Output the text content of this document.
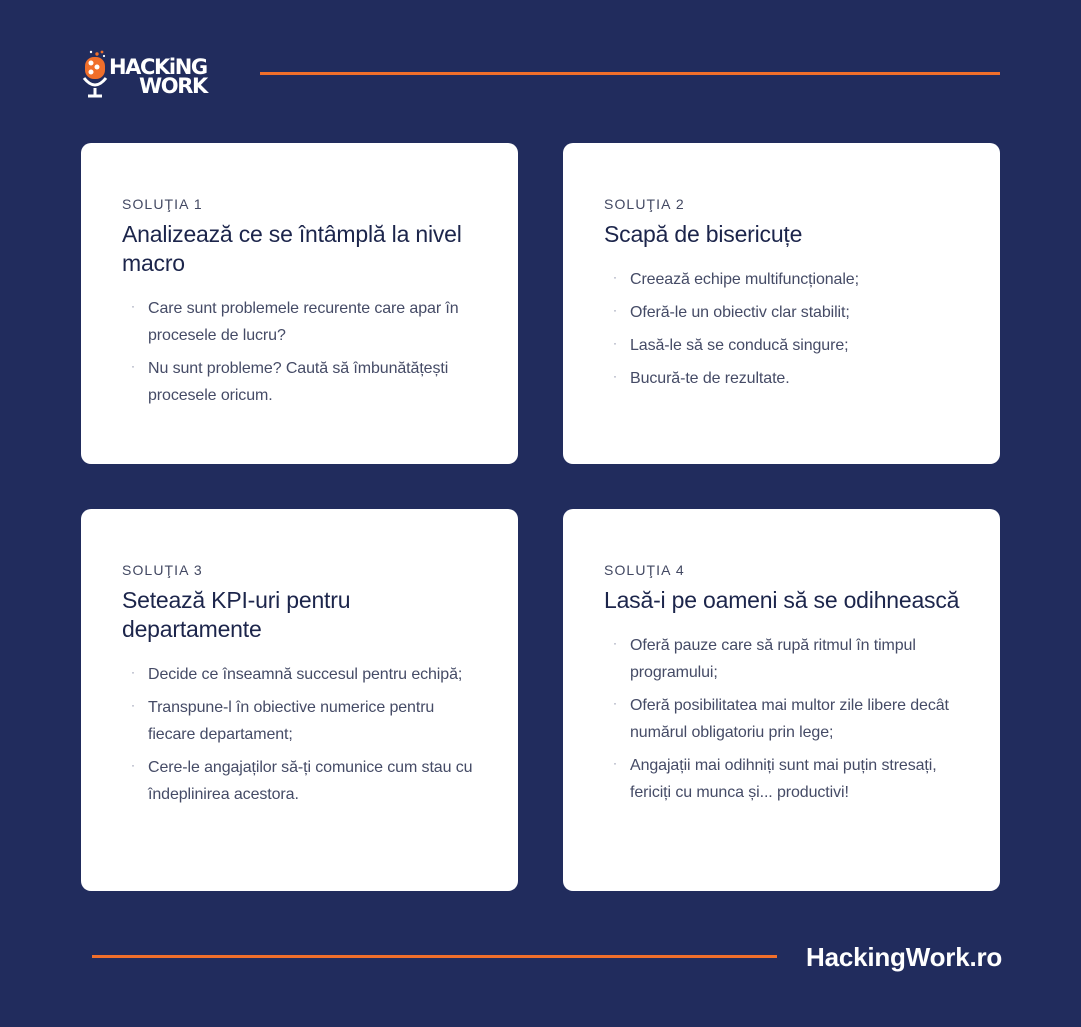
HACKiNG
WORK
SOLUŢIA 1
Analizează ce se întâmplă la nivel macro
· Care sunt problemele recurente care apar în procesele de lucru?
· Nu sunt probleme? Caută să îmbunătățești procesele oricum.
SOLUŢIA 2
Scapă de bisericuțe
· Creează echipe multifuncționale;
· Oferă-le un obiectiv clar stabilit;
· Lasă-le să se conducă singure;
· Bucură-te de rezultate.
SOLUŢIA 3
Setează KPI-uri pentru departamente
· Decide ce înseamnă succesul pentru echipă;
· Transpune-l în obiective numerice pentru fiecare departament;
· Cere-le angajaților să-ți comunice cum stau cu îndeplinirea acestora.
SOLUŢIA 4
Lasă-i pe oameni să se odihnească
· Oferă pauze care să rupă ritmul în timpul programului;
· Oferă posibilitatea mai multor zile libere decât numărul obligatoriu prin lege;
· Angajații mai odihniți sunt mai puțin stresați, fericiți cu munca și... productivi!
HackingWork.ro
